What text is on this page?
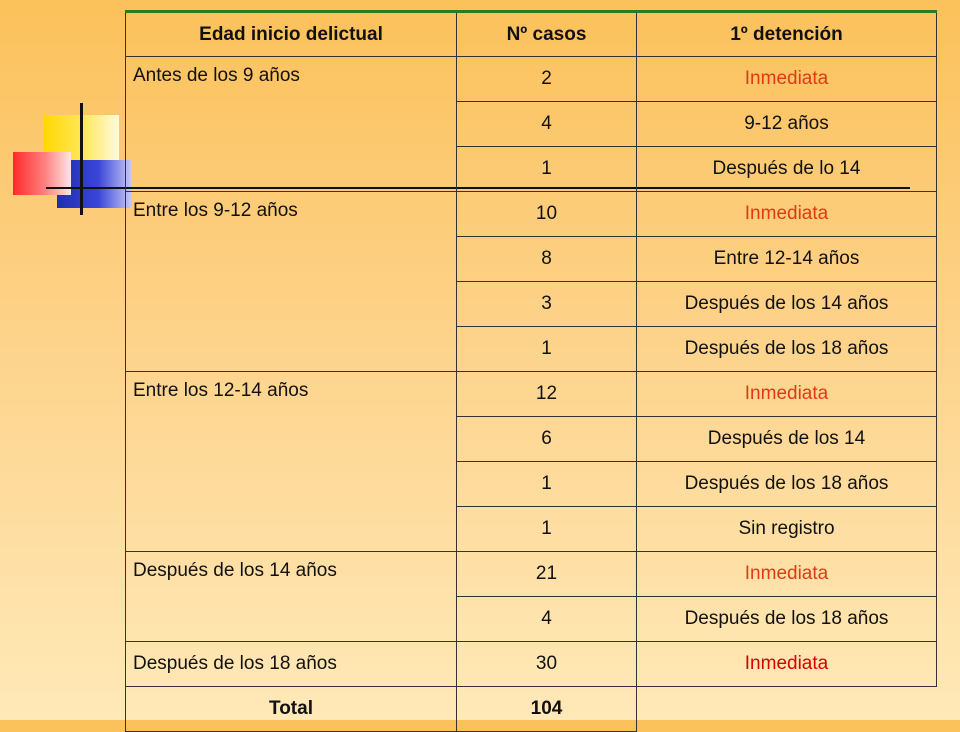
Edad inicio delictual	Nº casos	1º detención
Antes de los 9 años	2	Inmediata
	4	9-12 años
	1	Después de lo 14
Entre los 9-12 años	10	Inmediata
	8	Entre 12-14 años
	3	Después de los 14 años
	1	Después de los 18 años
Entre los 12-14 años	12	Inmediata
	6	Después de los 14
	1	Después de los 18 años
	1	Sin registro
Después de los 14 años	21	Inmediata
	4	Después de los 18 años
Después de los 18 años	30	Inmediata
Total	104	
